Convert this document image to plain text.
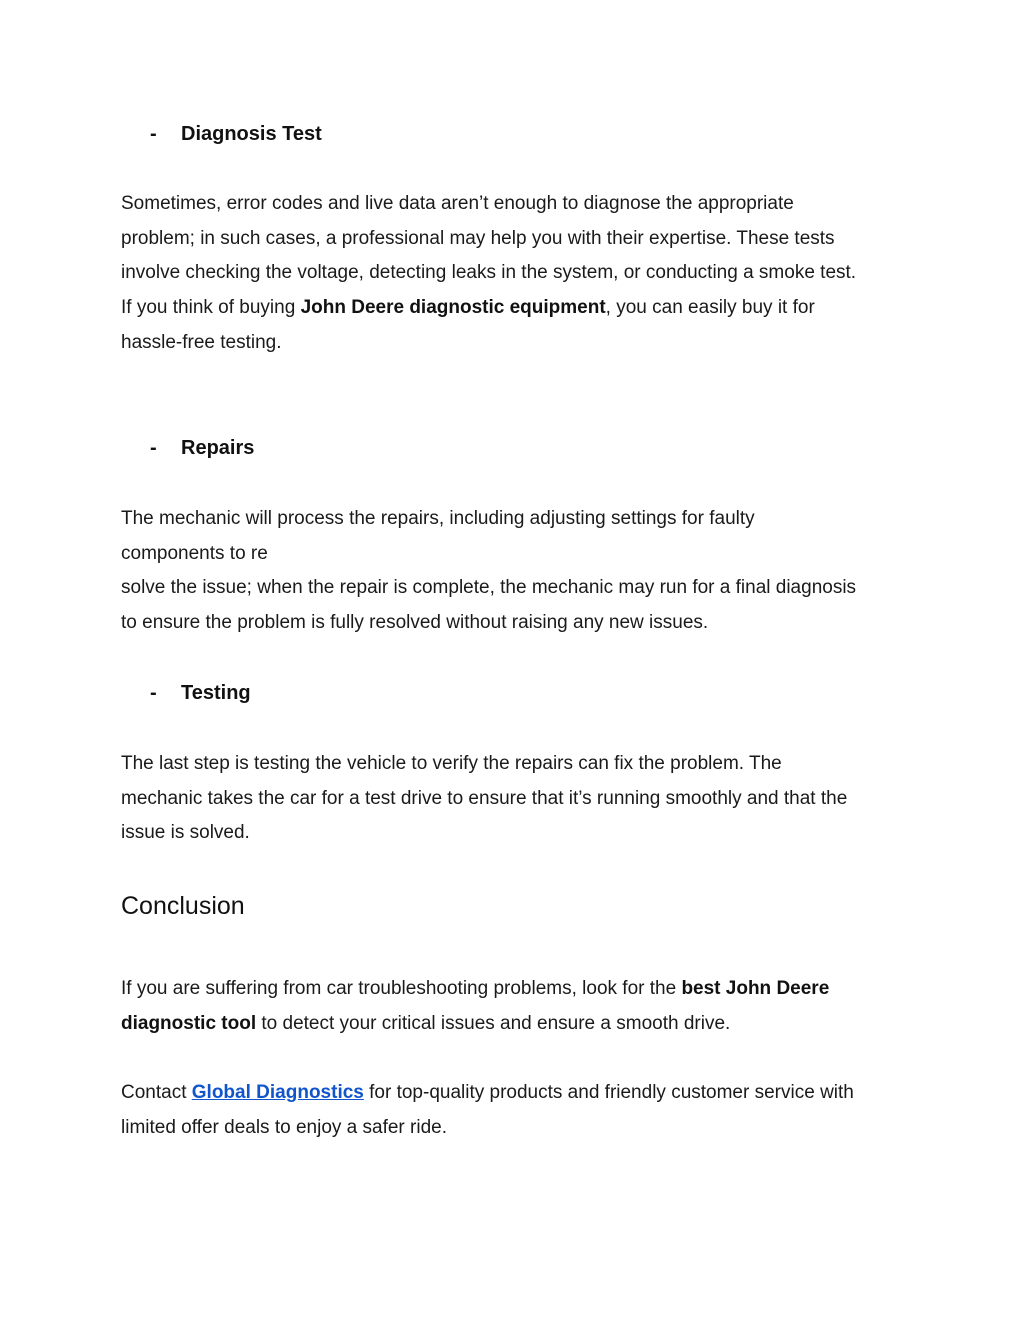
- Diagnosis Test
Sometimes, error codes and live data aren’t enough to diagnose the appropriate
problem; in such cases, a professional may help you with their expertise. These tests
involve checking the voltage, detecting leaks in the system, or conducting a smoke test.
If you think of buying John Deere diagnostic equipment, you can easily buy it for
hassle-free testing.
- Repairs
The mechanic will process the repairs, including adjusting settings for faulty
components to re
solve the issue; when the repair is complete, the mechanic may run for a final diagnosis
to ensure the problem is fully resolved without raising any new issues.
- Testing
The last step is testing the vehicle to verify the repairs can fix the problem. The
mechanic takes the car for a test drive to ensure that it’s running smoothly and that the
issue is solved.
Conclusion
If you are suffering from car troubleshooting problems, look for the best John Deere
diagnostic tool to detect your critical issues and ensure a smooth drive.
Contact Global Diagnostics for top-quality products and friendly customer service with
limited offer deals to enjoy a safer ride.
